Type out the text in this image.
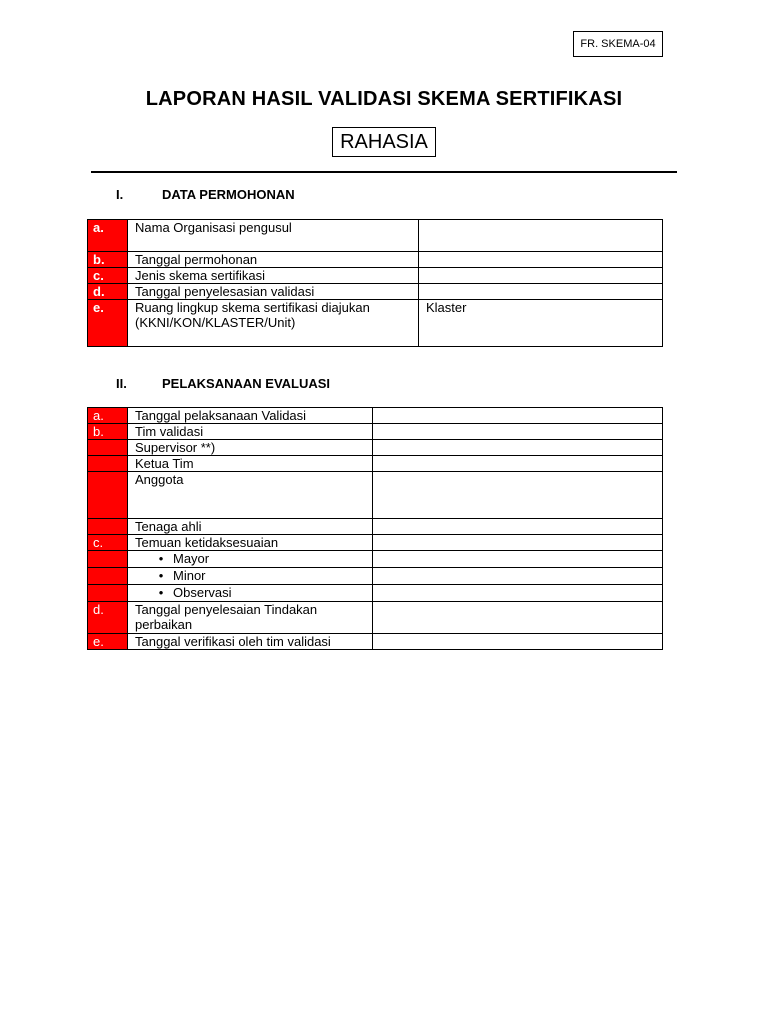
FR. SKEMA-04
LAPORAN HASIL VALIDASI SKEMA SERTIFIKASI
RAHASIA
I.	DATA PERMOHONAN
a.	Nama Organisasi pengusul	
b.	Tanggal permohonan	
c.	Jenis skema sertifikasi	
d.	Tanggal penyelesasian validasi	
e.	Ruang lingkup skema sertifikasi diajukan (KKNI/KON/KLASTER/Unit)	Klaster
II.	PELAKSANAAN EVALUASI
a.	Tanggal pelaksanaan Validasi	
b.	Tim validasi	
	Supervisor **)	
	Ketua Tim	
	Anggota	
	Tenaga ahli	
c.	Temuan ketidaksesuaian	
	• Mayor	
	• Minor	
	• Observasi	
d.	Tanggal penyelesaian Tindakan perbaikan	
e.	Tanggal verifikasi oleh tim validasi	
